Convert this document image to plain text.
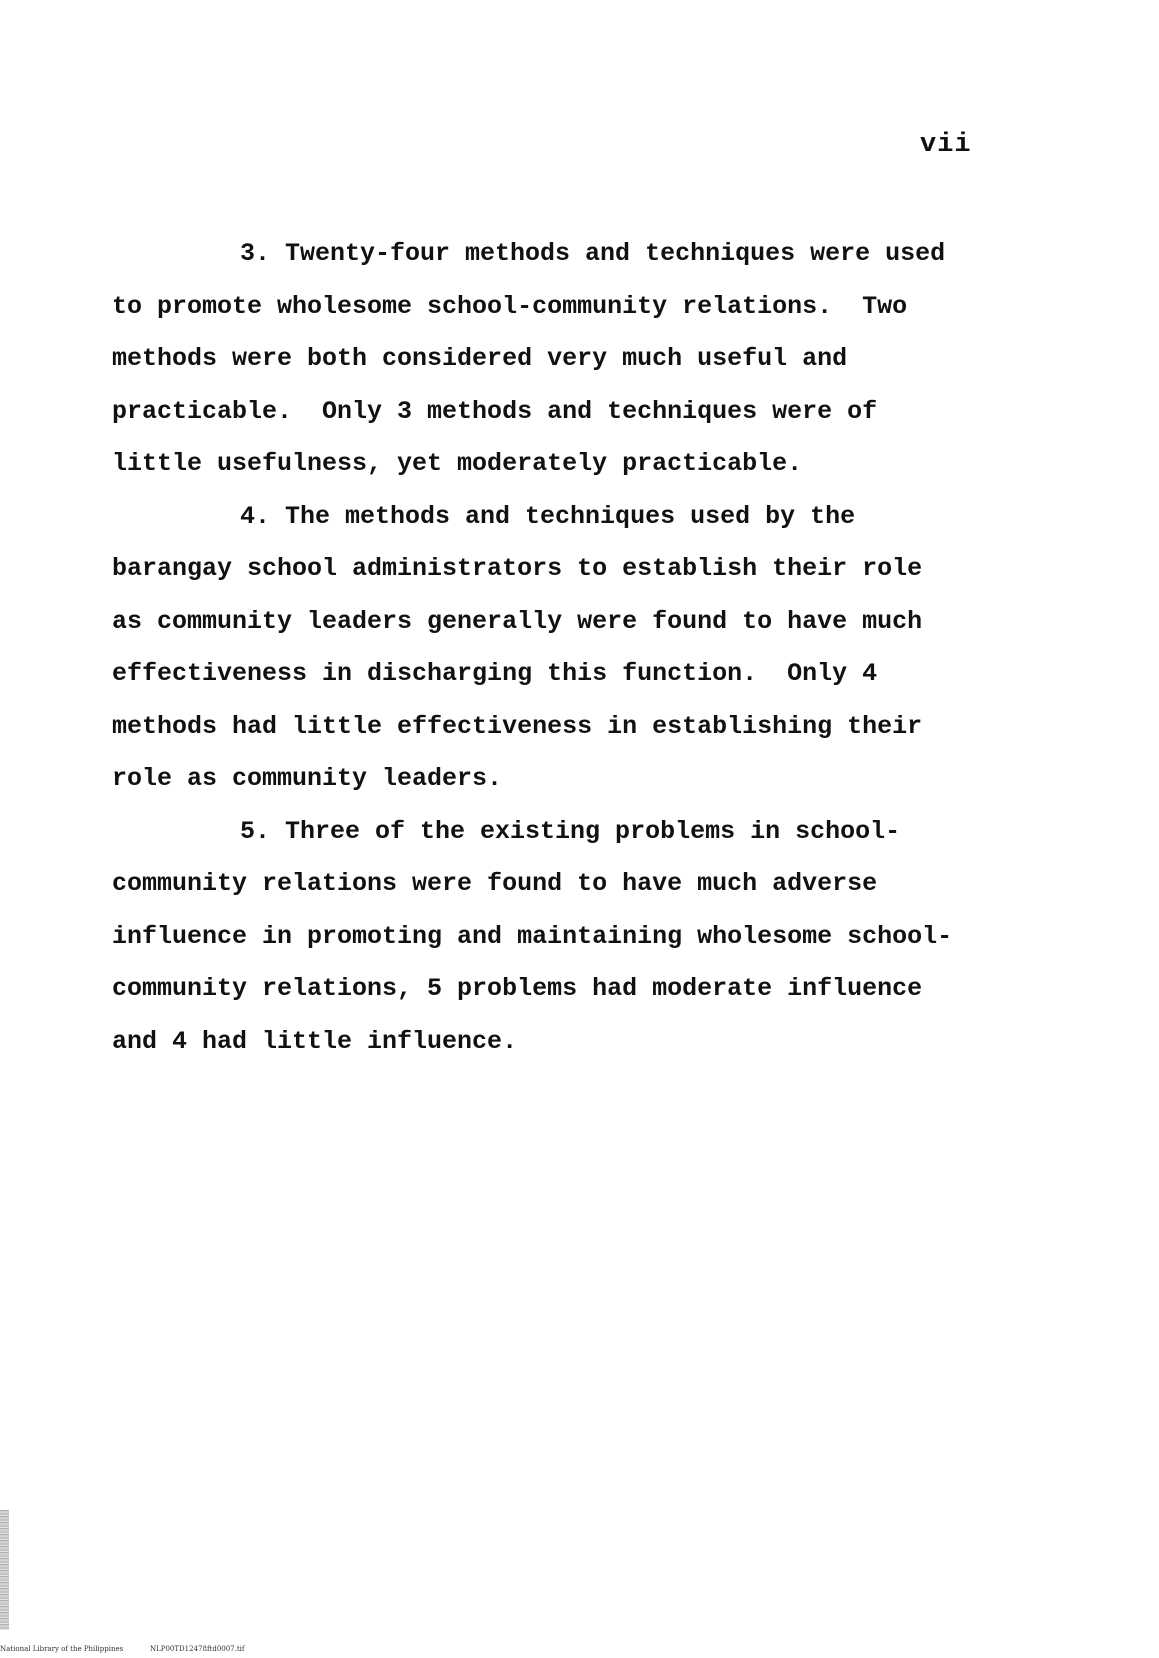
vii
3. Twenty-four methods and techniques were used
to promote wholesome school-community relations.  Two
methods were both considered very much useful and
practicable.  Only 3 methods and techniques were of
little usefulness, yet moderately practicable.
4. The methods and techniques used by the
barangay school administrators to establish their role
as community leaders generally were found to have much
effectiveness in discharging this function.  Only 4
methods had little effectiveness in establishing their
role as community leaders.
5. Three of the existing problems in school-
community relations were found to have much adverse
influence in promoting and maintaining wholesome school-
community relations, 5 problems had moderate influence
and 4 had little influence.
National Library of the Philippines	NLP00TD12478ftd0007.tif
